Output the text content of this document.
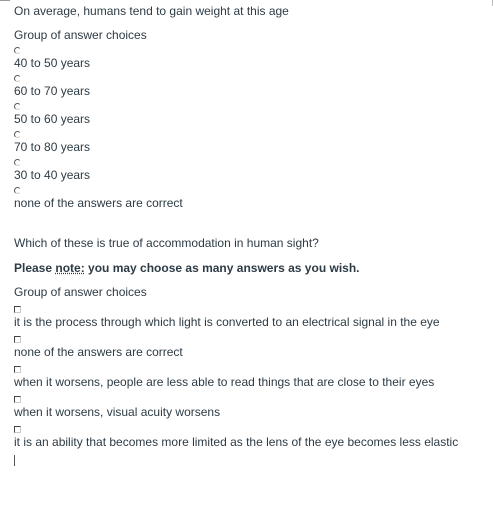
On average, humans tend to gain weight at this age
Group of answer choices
40 to 50 years
60 to 70 years
50 to 60 years
70 to 80 years
30 to 40 years
none of the answers are correct
Which of these is true of accommodation in human sight?
Please note: you may choose as many answers as you wish.
Group of answer choices
it is the process through which light is converted to an electrical signal in the eye
none of the answers are correct
when it worsens, people are less able to read things that are close to their eyes
when it worsens, visual acuity worsens
it is an ability that becomes more limited as the lens of the eye becomes less elastic
